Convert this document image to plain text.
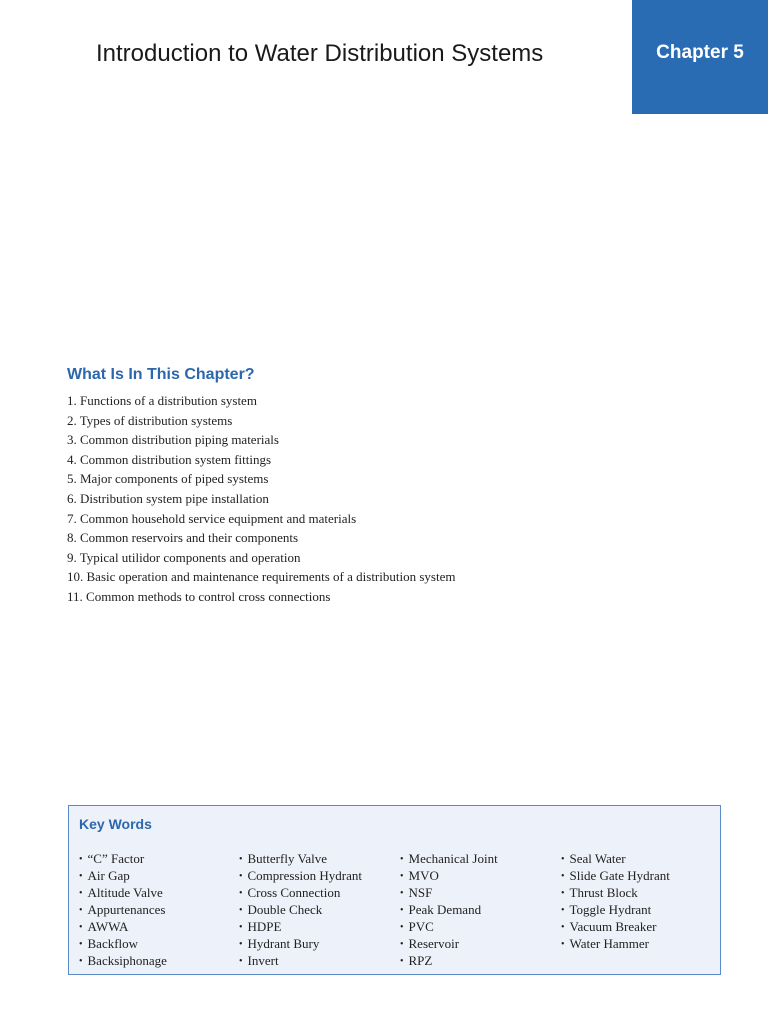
Introduction to Water Distribution Systems	Chapter 5
What Is In This Chapter?
1. Functions of a distribution system
2. Types of distribution systems
3. Common distribution piping materials
4. Common distribution system fittings
5. Major components of piped systems
6. Distribution system pipe installation
7. Common household service equipment and materials
8. Common reservoirs and their components
9. Typical utilidor components and operation
10. Basic operation and maintenance requirements of a distribution system
11. Common methods to control cross connections
Key Words
• “C” Factor
• Air Gap
• Altitude Valve
• Appurtenances
• AWWA
• Backflow
• Backsiphonage
• Butterfly Valve
• Compression Hydrant
• Cross Connection
• Double Check
• HDPE
• Hydrant Bury
• Invert
• Mechanical Joint
• MVO
• NSF
• Peak Demand
• PVC
• Reservoir
• RPZ
• Seal Water
• Slide Gate Hydrant
• Thrust Block
• Toggle Hydrant
• Vacuum Breaker
• Water Hammer
